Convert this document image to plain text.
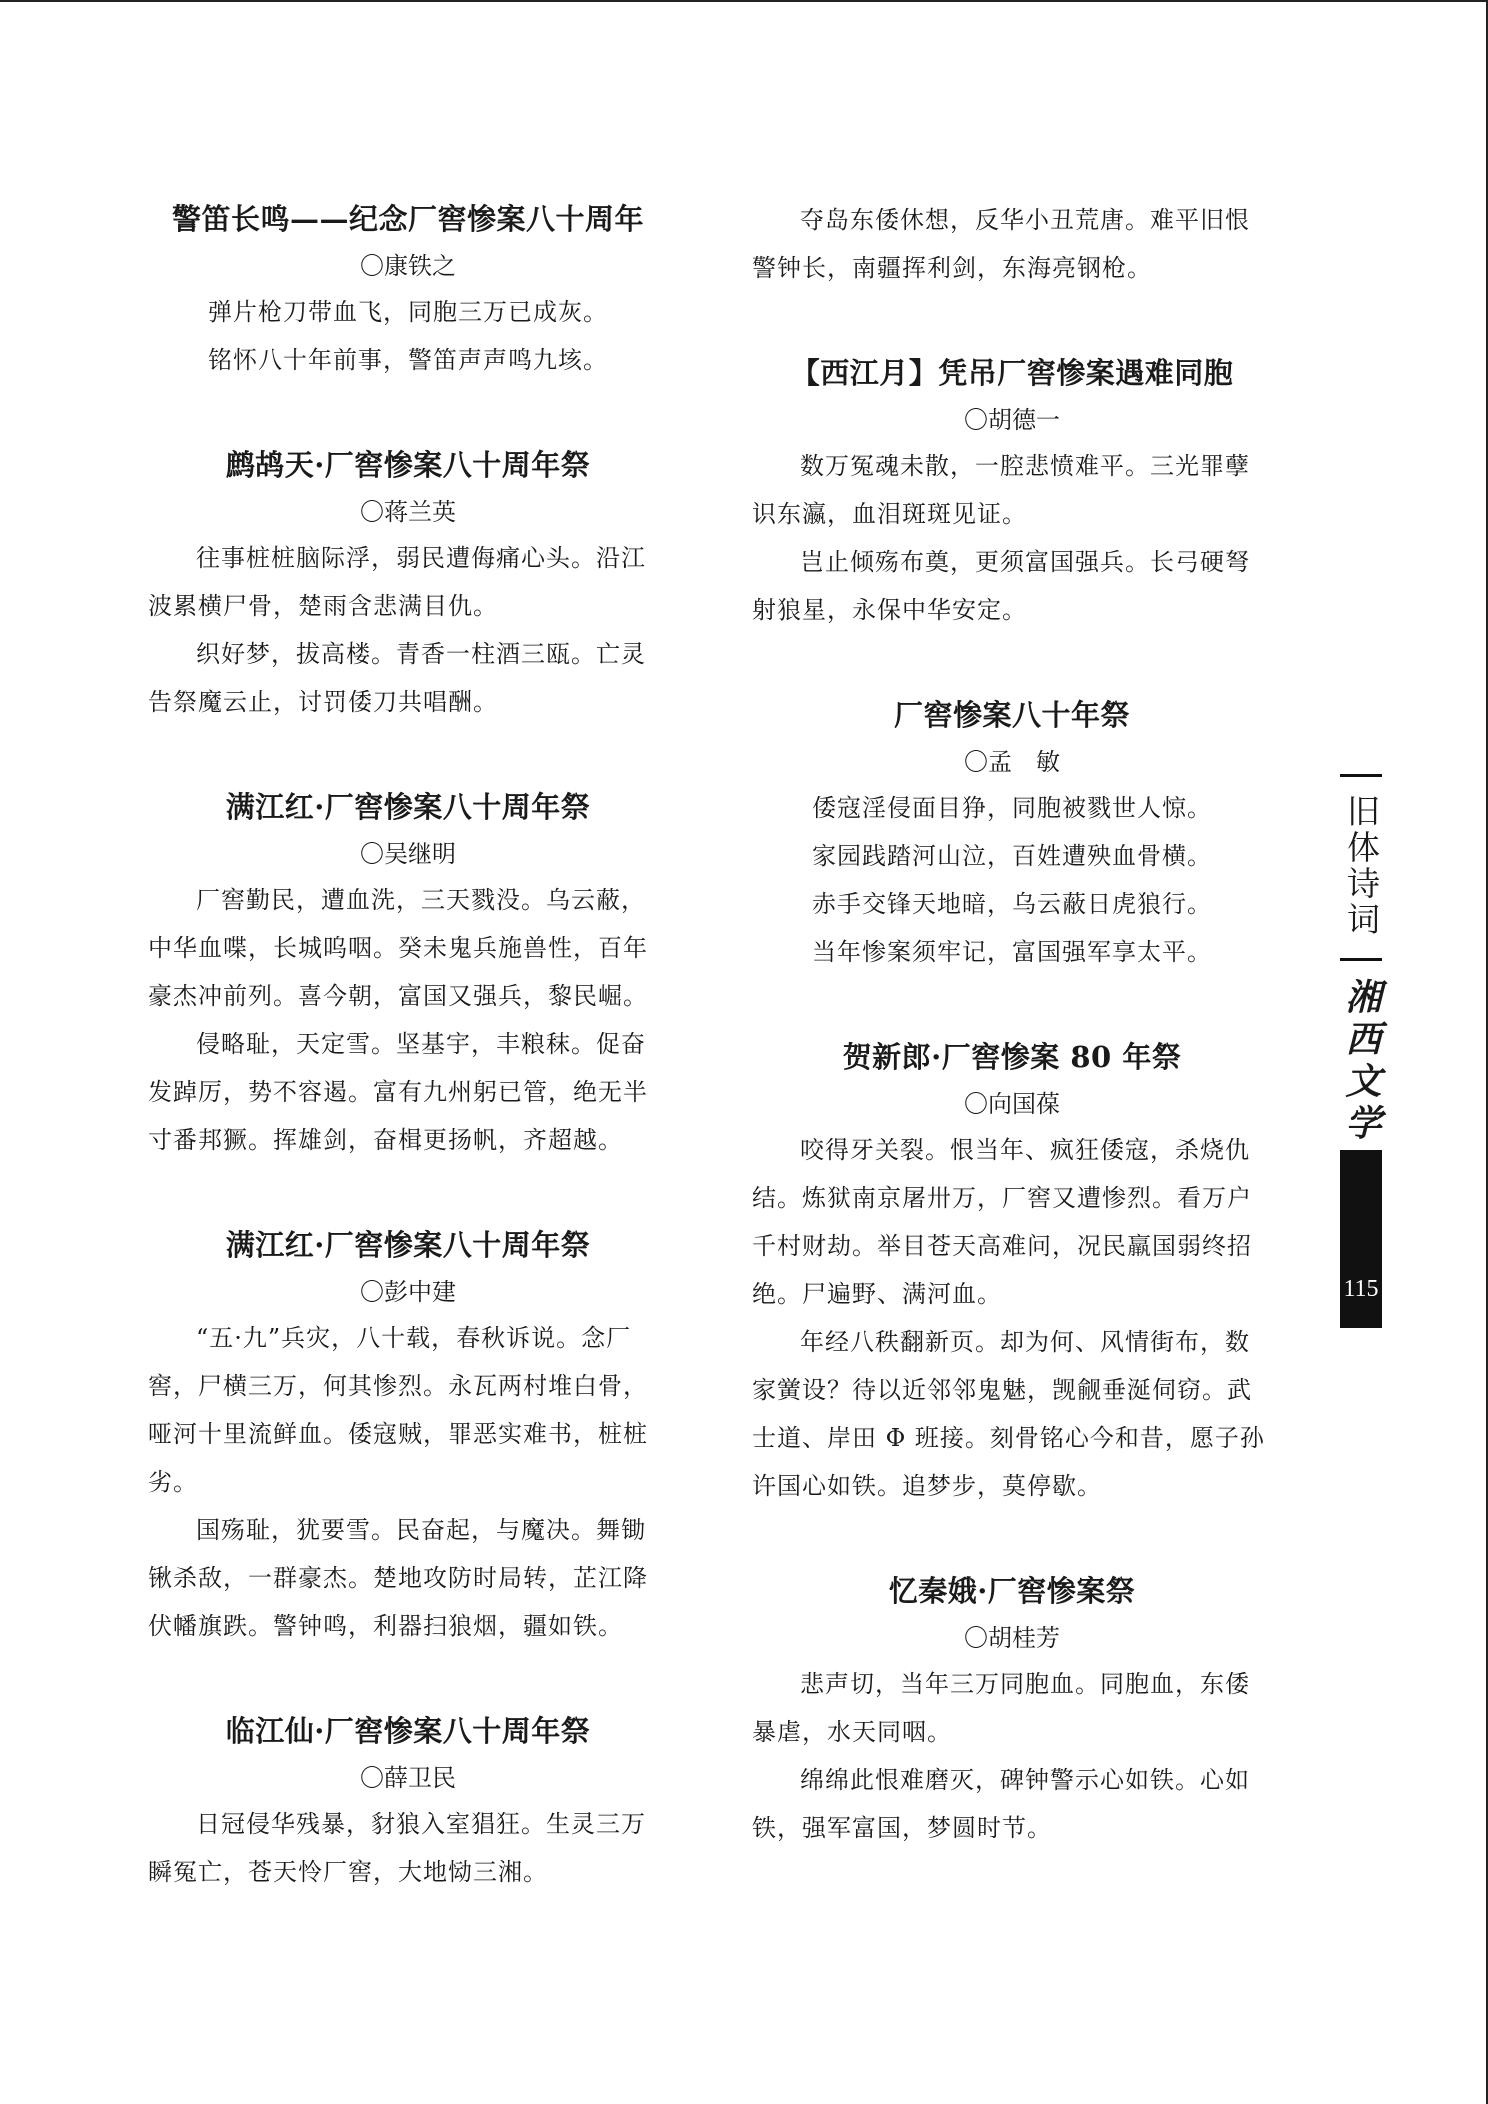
警笛长鸣——纪念厂窖惨案八十周年

〇康铁之

弹片枪刀带血飞，同胞三万已成灰。

铭怀八十年前事，警笛声声鸣九垓。

鹧鸪天·厂窖惨案八十周年祭

〇蒋兰英

往事桩桩脑际浮，弱民遭侮痛心头。沿江

波累横尸骨，楚雨含悲满目仇。

织好梦，拔高楼。青香一柱酒三瓯。亡灵

告祭魔云止，讨罚倭刀共唱酬。

满江红·厂窖惨案八十周年祭

〇吴继明

厂窖勤民，遭血洗，三天戮没。乌云蔽，

中华血喋，长城呜咽。癸未鬼兵施兽性，百年

豪杰冲前列。喜今朝，富国又强兵，黎民崛。

侵略耻，天定雪。坚基宇，丰粮秣。促奋

发踔厉，势不容遏。富有九州躬已管，绝无半

寸番邦獗。挥雄剑，奋楫更扬帆，齐超越。

满江红·厂窖惨案八十周年祭

〇彭中建

“五·九”兵灾，八十载，春秋诉说。念厂

窖，尸横三万，何其惨烈。永瓦两村堆白骨，

哑河十里流鲜血。倭寇贼，罪恶实难书，桩桩

劣。

国殇耻，犹要雪。民奋起，与魔决。舞锄

锹杀敌，一群豪杰。楚地攻防时局转，芷江降

伏幡旗跌。警钟鸣，利器扫狼烟，疆如铁。

临江仙·厂窖惨案八十周年祭

〇薛卫民

日冠侵华残暴，豺狼入室猖狂。生灵三万

瞬冤亡，苍天怜厂窖，大地恸三湘。

夺岛东倭休想，反华小丑荒唐。难平旧恨

警钟长，南疆挥利剑，东海亮钢枪。

【西江月】凭吊厂窖惨案遇难同胞

〇胡德一

数万冤魂未散，一腔悲愤难平。三光罪孽

识东瀛，血泪斑斑见证。

岂止倾殇布奠，更须富国强兵。长弓硬弩

射狼星，永保中华安定。

厂窖惨案八十年祭

〇孟　敏

倭寇淫侵面目狰，同胞被戮世人惊。

家园践踏河山泣，百姓遭殃血骨横。

赤手交锋天地暗，乌云蔽日虎狼行。

当年惨案须牢记，富国强军享太平。

贺新郎·厂窖惨案 80 年祭

〇向国葆

咬得牙关裂。恨当年、疯狂倭寇，杀烧仇

结。炼狱南京屠卅万，厂窖又遭惨烈。看万户

千村财劫。举目苍天高难问，况民羸国弱终招

绝。尸遍野、满河血。

年经八秩翻新页。却为何、风情街布，数

家黉设？待以近邻邻鬼魅，觊觎垂涎伺窃。武

士道、岸田 Φ 班接。刻骨铭心今和昔，愿子孙

许国心如铁。追梦步，莫停歇。

忆秦娥·厂窖惨案祭

〇胡桂芳

悲声切，当年三万同胞血。同胞血，东倭

暴虐，水天同咽。

绵绵此恨难磨灭，碑钟警示心如铁。心如

铁，强军富国，梦圆时节。

旧体诗词
湘西文学
115
